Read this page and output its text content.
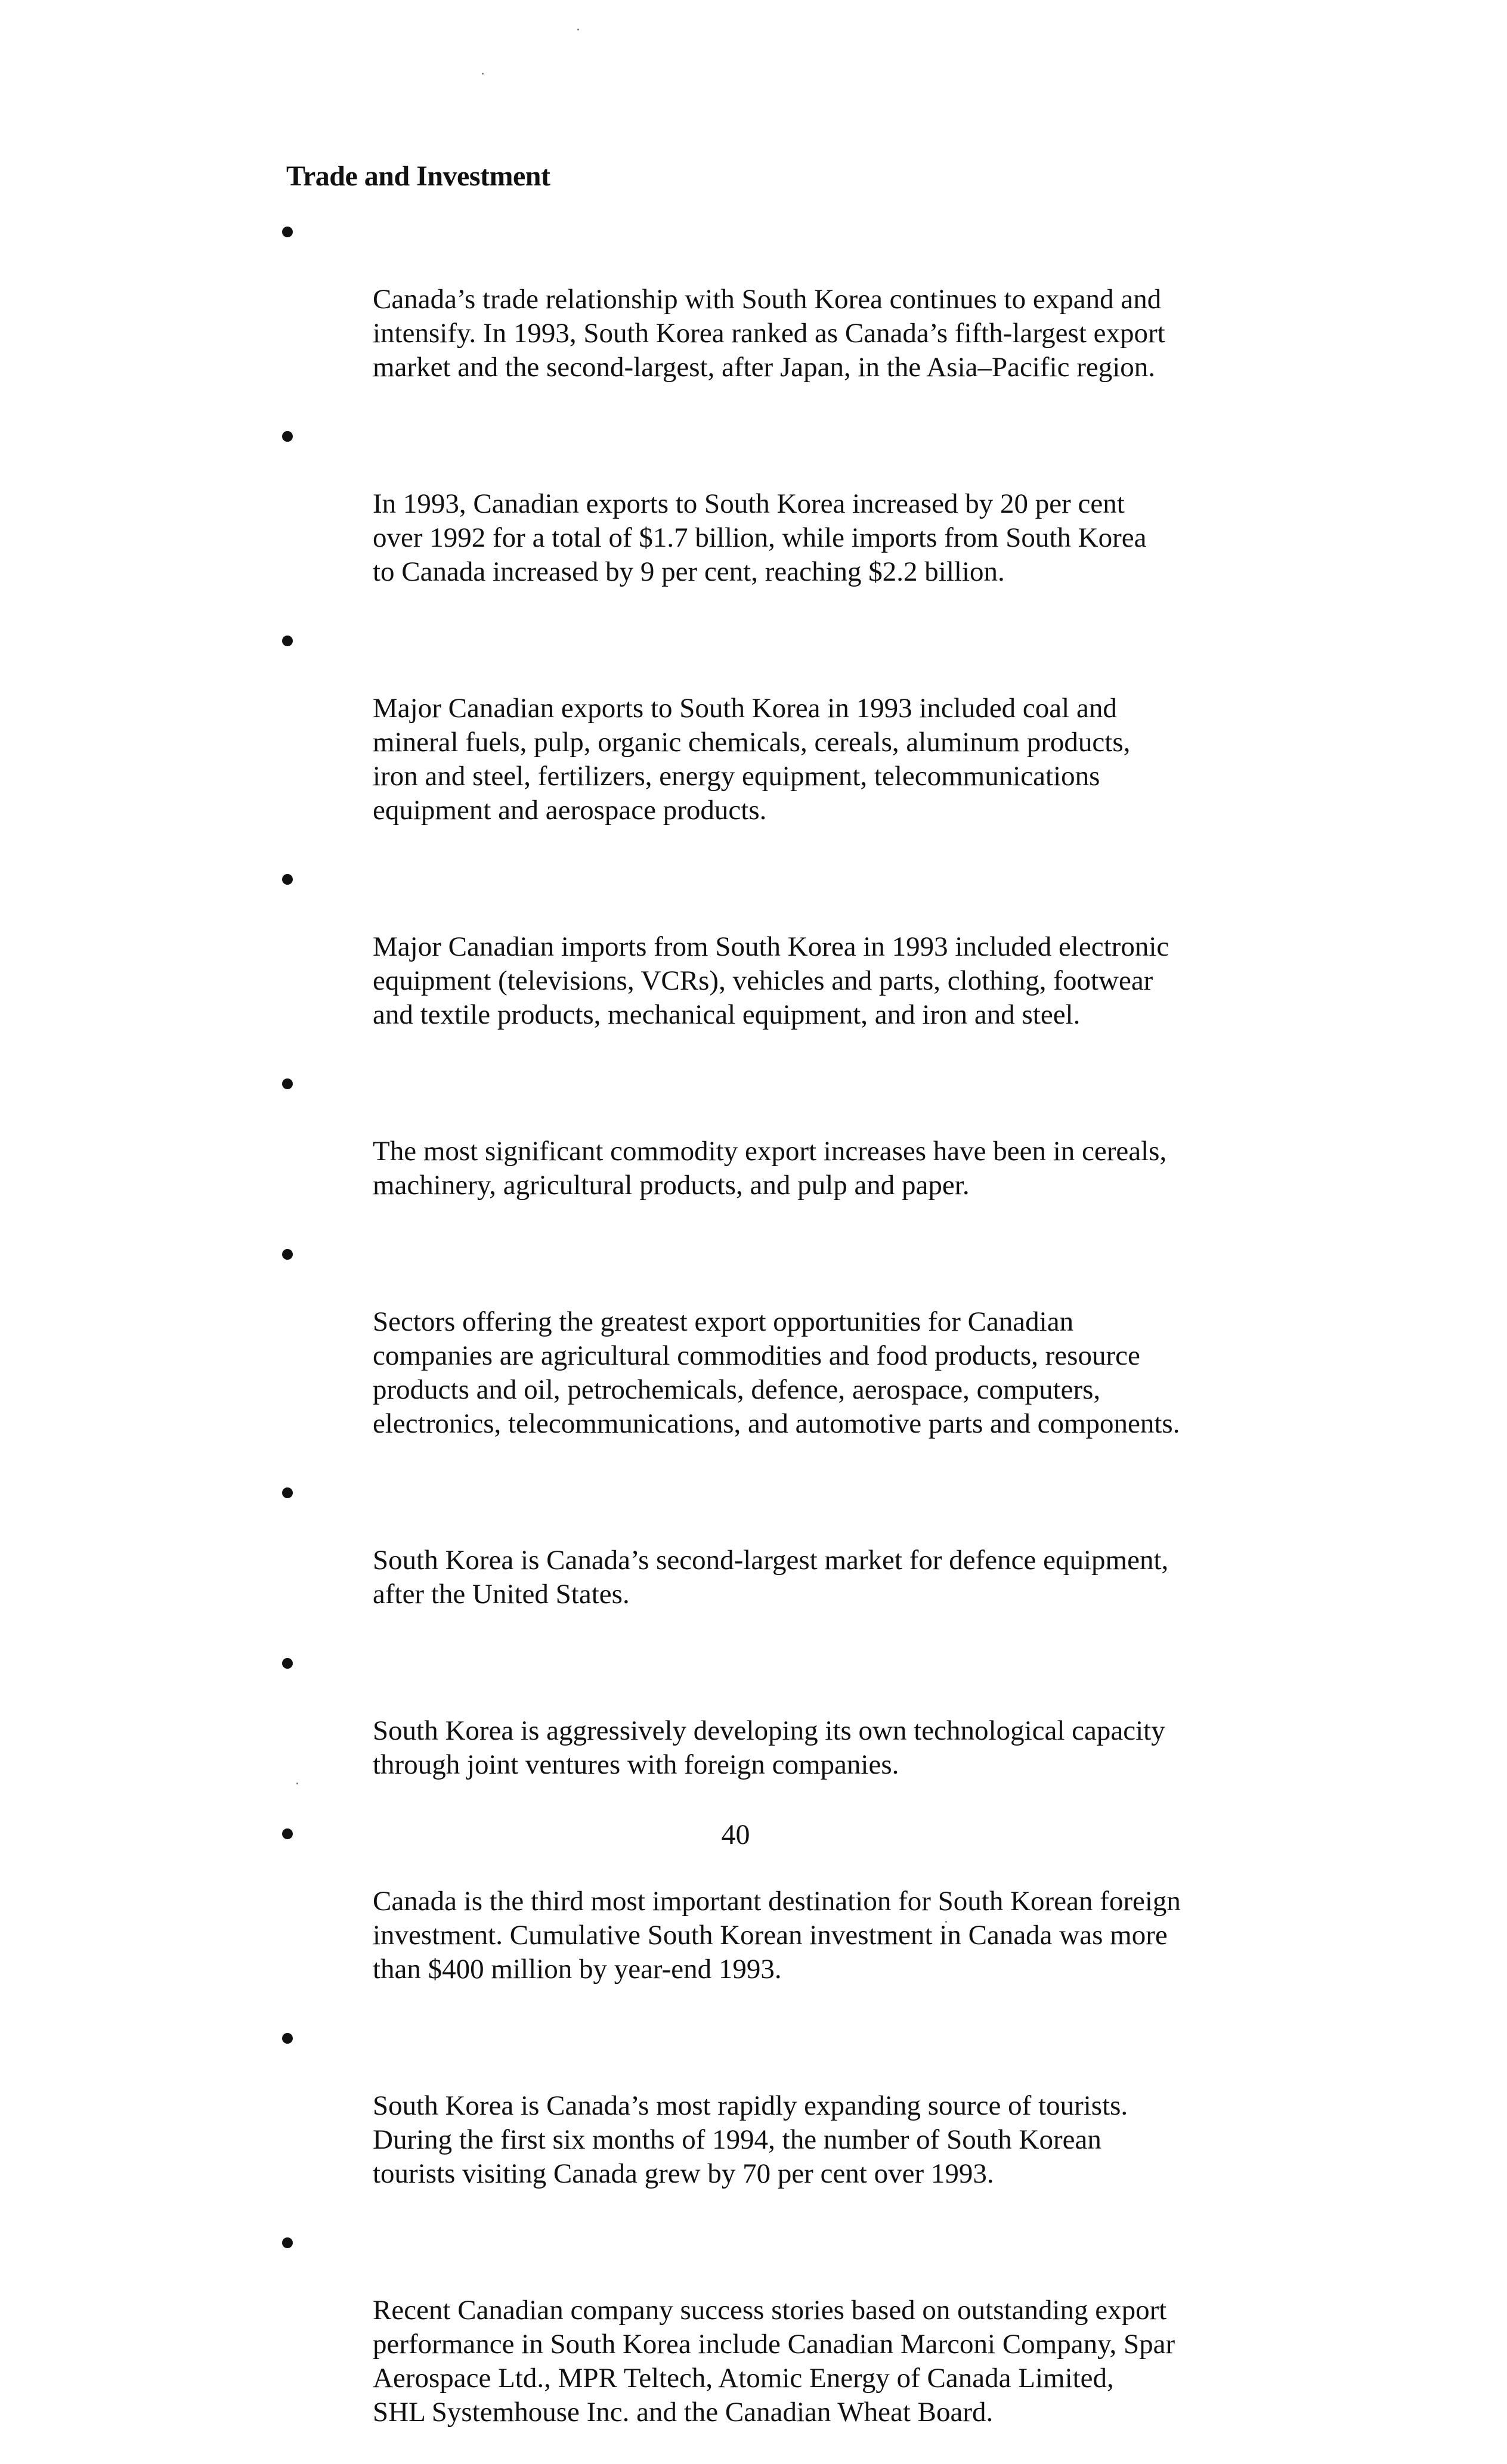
Trade and Investment

Canada’s trade relationship with South Korea continues to expand and
intensify. In 1993, South Korea ranked as Canada’s fifth-largest export
market and the second-largest, after Japan, in the Asia–Pacific region.

In 1993, Canadian exports to South Korea increased by 20 per cent
over 1992 for a total of $1.7 billion, while imports from South Korea
to Canada increased by 9 per cent, reaching $2.2 billion.

Major Canadian exports to South Korea in 1993 included coal and
mineral fuels, pulp, organic chemicals, cereals, aluminum products,
iron and steel, fertilizers, energy equipment, telecommunications
equipment and aerospace products.

Major Canadian imports from South Korea in 1993 included electronic
equipment (televisions, VCRs), vehicles and parts, clothing, footwear
and textile products, mechanical equipment, and iron and steel.

The most significant commodity export increases have been in cereals,
machinery, agricultural products, and pulp and paper.

Sectors offering the greatest export opportunities for Canadian
companies are agricultural commodities and food products, resource
products and oil, petrochemicals, defence, aerospace, computers,
electronics, telecommunications, and automotive parts and components.

South Korea is Canada’s second-largest market for defence equipment,
after the United States.

South Korea is aggressively developing its own technological capacity
through joint ventures with foreign companies.

Canada is the third most important destination for South Korean foreign
investment. Cumulative South Korean investment in Canada was more
than $400 million by year-end 1993.

South Korea is Canada’s most rapidly expanding source of tourists.
During the first six months of 1994, the number of South Korean
tourists visiting Canada grew by 70 per cent over 1993.

Recent Canadian company success stories based on outstanding export
performance in South Korea include Canadian Marconi Company, Spar
Aerospace Ltd., MPR Teltech, Atomic Energy of Canada Limited,
SHL Systemhouse Inc. and the Canadian Wheat Board.

40
